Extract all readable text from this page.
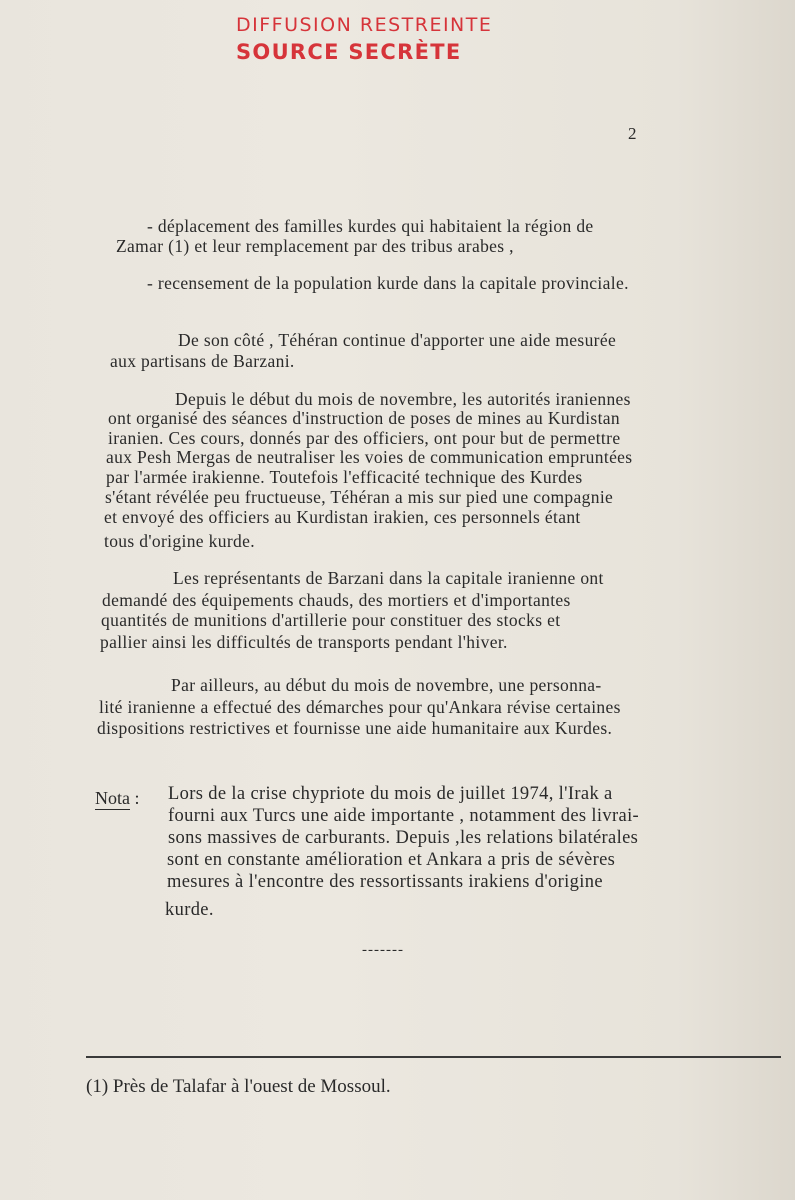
DIFFUSION RESTREINTE
SOURCE SECRÈTE
2
- déplacement des familles kurdes qui habitaient la région de
Zamar (1) et leur remplacement par des tribus arabes ,
- recensement de la population kurde dans la capitale provinciale.
De son côté , Téhéran continue d'apporter une aide mesurée
aux partisans de Barzani.
Depuis le début du mois de novembre, les autorités iraniennes
ont organisé des séances d'instruction de poses de mines au Kurdistan
iranien. Ces cours, donnés par des officiers, ont pour but de permettre
aux Pesh Mergas de neutraliser les voies de communication empruntées
par l'armée irakienne. Toutefois l'efficacité technique des Kurdes
s'étant révélée peu fructueuse, Téhéran a mis sur pied une compagnie
et envoyé des officiers au Kurdistan irakien, ces personnels étant
tous d'origine kurde.
Les représentants de Barzani dans la capitale iranienne ont
demandé des équipements chauds, des mortiers et d'importantes
quantités de munitions d'artillerie pour constituer des stocks et
pallier ainsi les difficultés de transports pendant l'hiver.
Par ailleurs, au début du mois de novembre, une personna-
lité iranienne a effectué des démarches pour qu'Ankara révise certaines
dispositions restrictives et fournisse une aide humanitaire aux Kurdes.
Nota : Lors de la crise chypriote du mois de juillet 1974, l'Irak a
fourni aux Turcs une aide importante , notamment des livrai-
sons massives de carburants. Depuis ,les relations bilatérales
sont en constante amélioration et Ankara a pris de sévères
mesures à l'encontre des ressortissants irakiens d'origine
kurde.
-------
(1) Près de Talafar à l'ouest de Mossoul.
